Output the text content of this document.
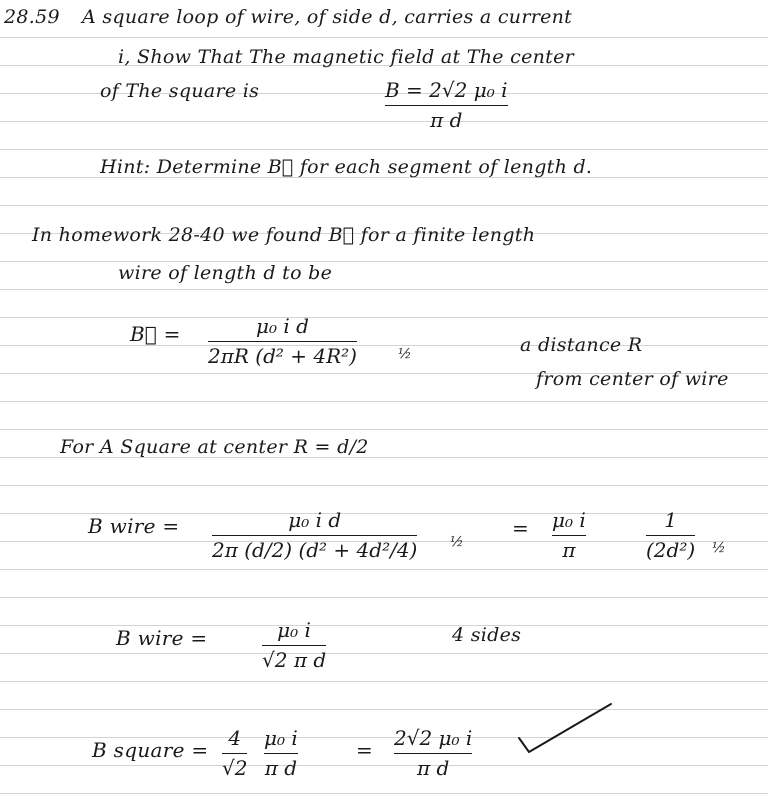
28.59 A square loop of wire, of side d, carries a current
i, Show That The magnetic field at The center
of The square is	B = 2√2 μ₀ i
π d
Hint: Determine B⃗ for each segment of length d.
In homework 28-40 we found B⃗ for a finite length
wire of length d to be
B⃗ =	μ₀ i d
2πR (d² + 4R²)	½	a distance R
from center of wire
For A Square at center R = d/2
B wire =	μ₀ i d
2π (d/2) (d² + 4d²/4) ½
= μ₀ i
π
1
(2d²) ½
B wire =	μ₀ i
√2 π d
4 sides
B square = 4
√2
μ₀ i
π d
= 2√2 μ₀ i
π d
